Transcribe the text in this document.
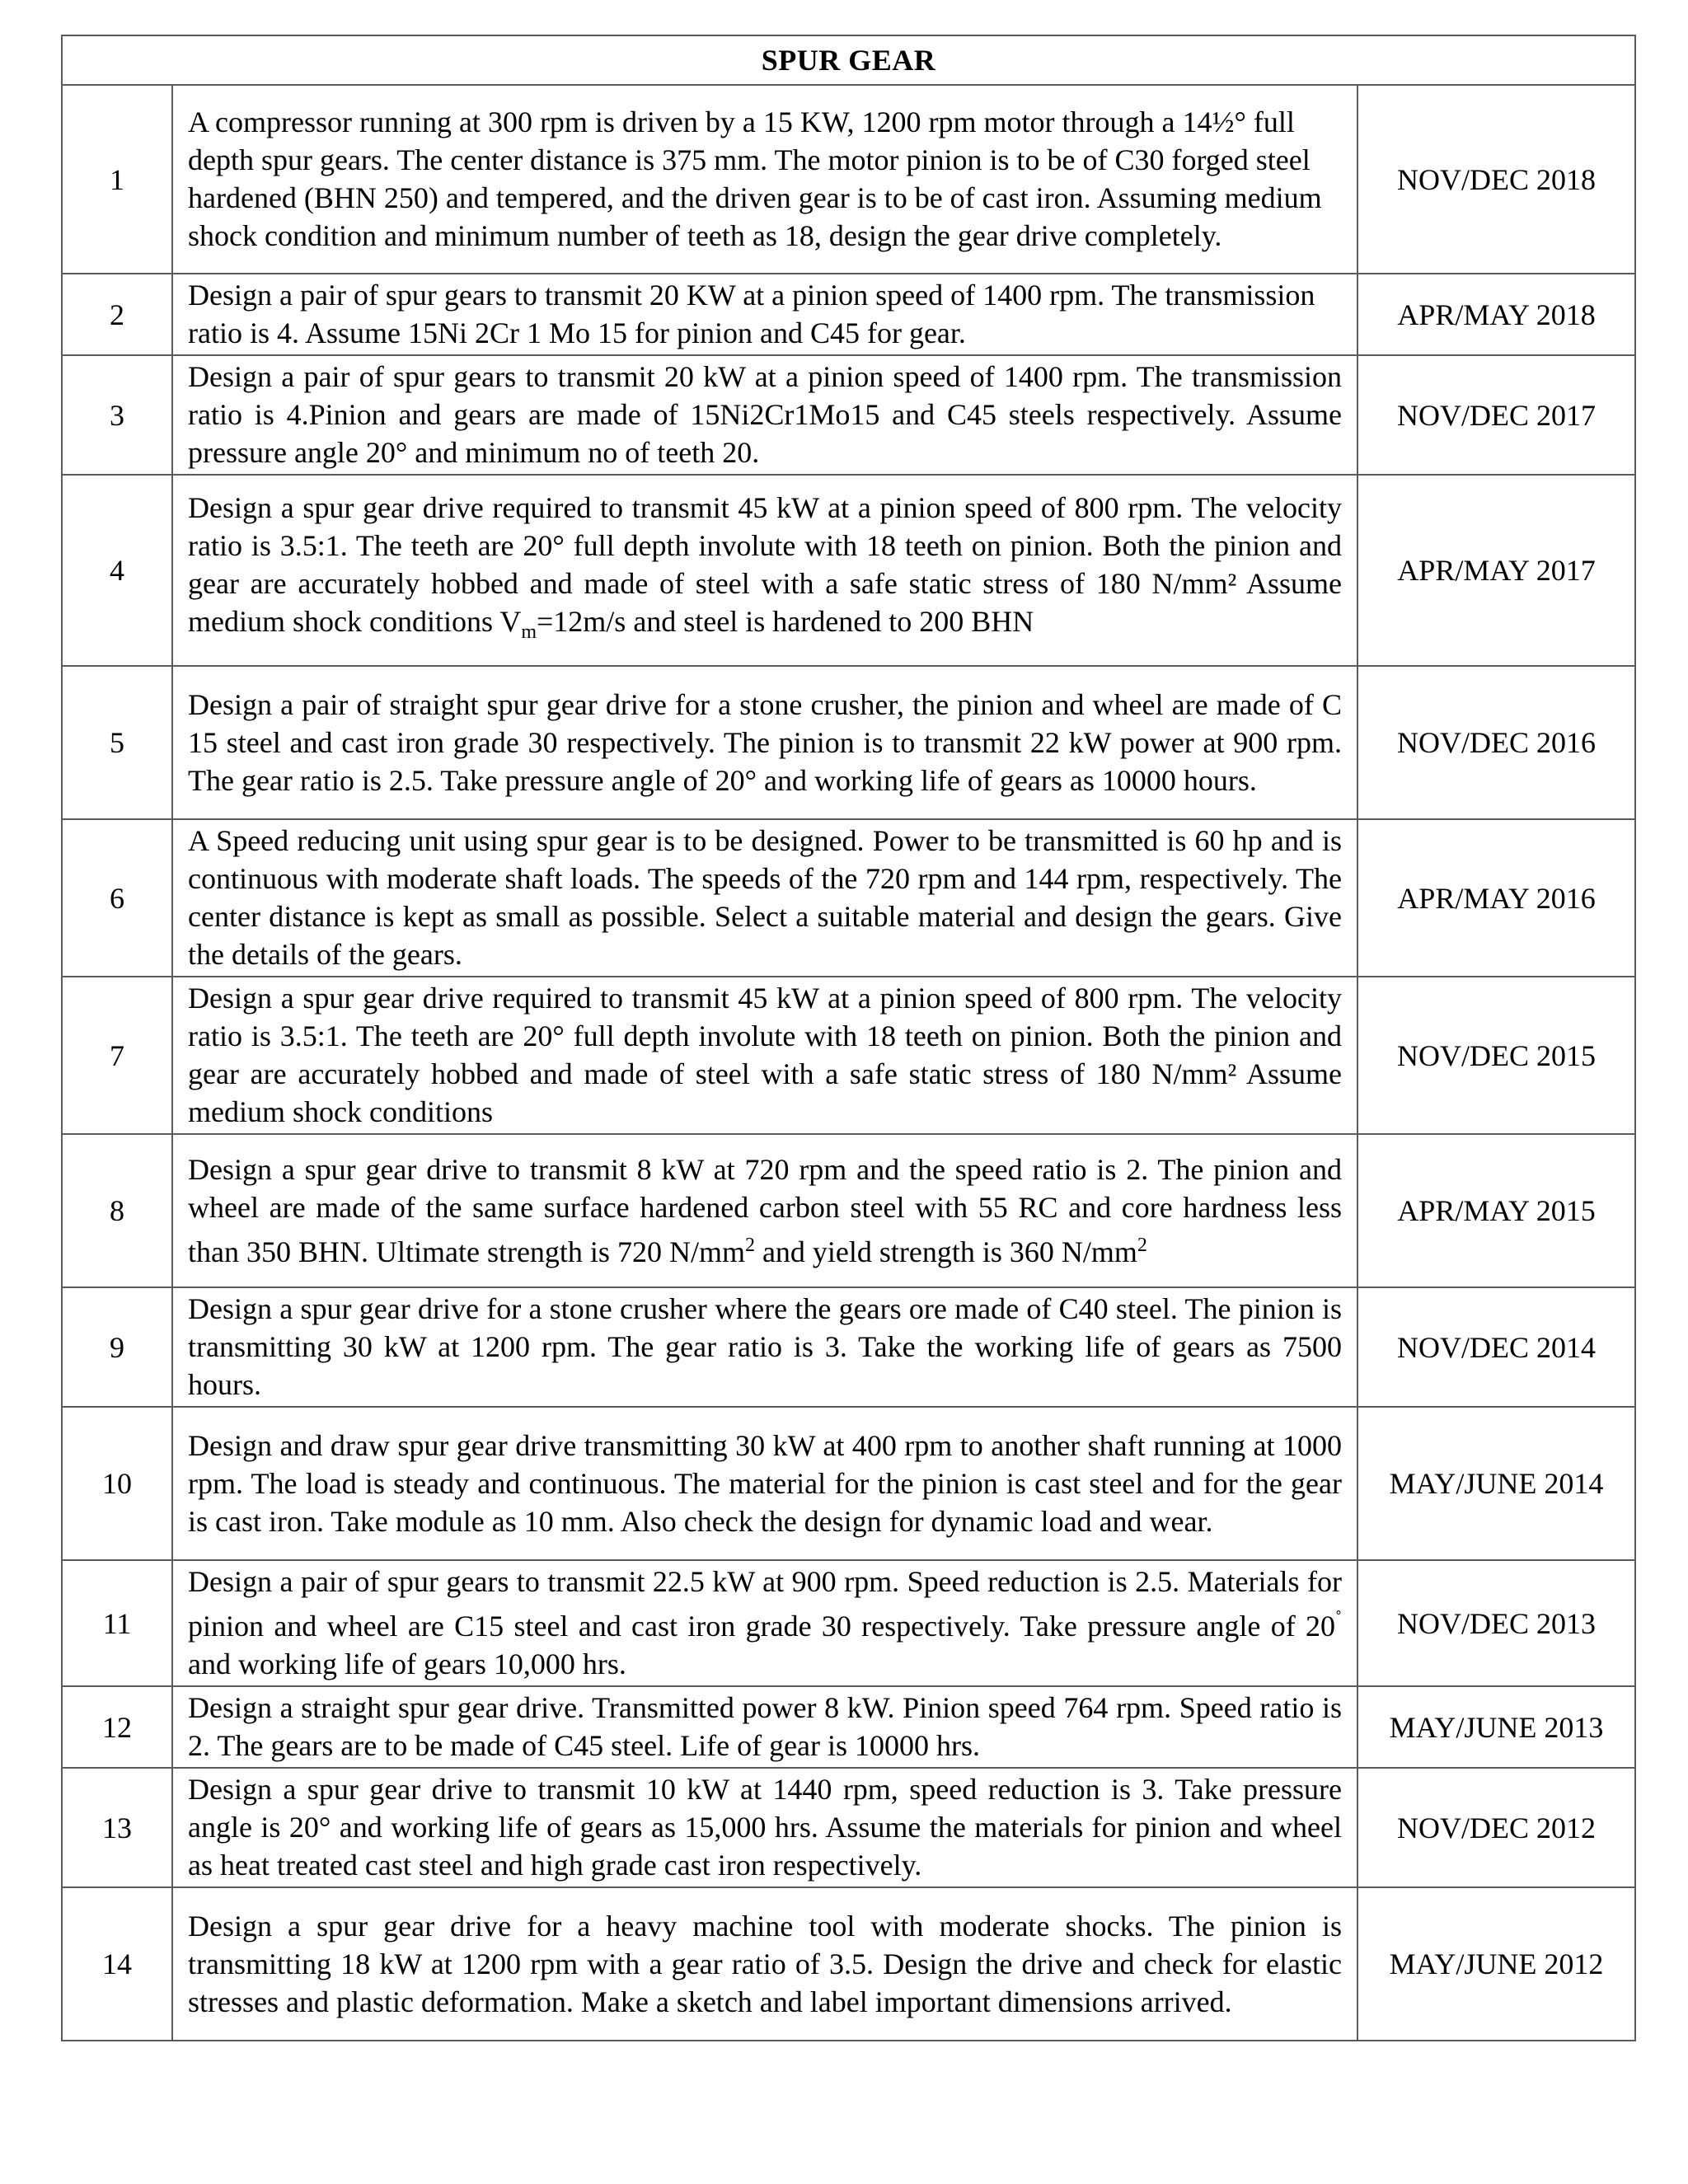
SPUR GEAR		
1	A compressor running at 300 rpm is driven by a 15 KW, 1200 rpm motor through a 14½° full depth spur gears. The center distance is 375 mm. The motor pinion is to be of C30 forged steel hardened (BHN 250) and tempered, and the driven gear is to be of cast iron. Assuming medium shock condition and minimum number of teeth as 18, design the gear drive completely.	NOV/DEC 2018
2	Design a pair of spur gears to transmit 20 KW at a pinion speed of 1400 rpm. The transmission ratio is 4. Assume 15Ni 2Cr 1 Mo 15 for pinion and C45 for gear.	APR/MAY 2018
3	Design a pair of spur gears to transmit 20 kW at a pinion speed of 1400 rpm. The transmission ratio is 4.Pinion and gears are made of 15Ni2Cr1Mo15 and C45 steels respectively. Assume pressure angle 20° and minimum no of teeth 20.	NOV/DEC 2017
4	Design a spur gear drive required to transmit 45 kW at a pinion speed of 800 rpm. The velocity ratio is 3.5:1. The teeth are 20° full depth involute with 18 teeth on pinion. Both the pinion and gear are accurately hobbed and made of steel with a safe static stress of 180 N/mm² Assume medium shock conditions $V_m=12m/s$ and steel is hardened to 200 BHN	APR/MAY 2017
5	Design a pair of straight spur gear drive for a stone crusher, the pinion and wheel are made of C 15 steel and cast iron grade 30 respectively. The pinion is to transmit 22 kW power at 900 rpm. The gear ratio is 2.5. Take pressure angle of 20° and working life of gears as 10000 hours.	NOV/DEC 2016
6	A Speed reducing unit using spur gear is to be designed. Power to be transmitted is 60 hp and is continuous with moderate shaft loads. The speeds of the 720 rpm and 144 rpm, respectively. The center distance is kept as small as possible. Select a suitable material and design the gears. Give the details of the gears.	APR/MAY 2016
7	Design a spur gear drive required to transmit 45 kW at a pinion speed of 800 rpm. The velocity ratio is 3.5:1. The teeth are 20° full depth involute with 18 teeth on pinion. Both the pinion and gear are accurately hobbed and made of steel with a safe static stress of 180 N/mm² Assume medium shock conditions	NOV/DEC 2015
8	Design a spur gear drive to transmit 8 kW at 720 rpm and the speed ratio is 2. The pinion and wheel are made of the same surface hardened carbon steel with 55 RC and core hardness less than 350 BHN. Ultimate strength is 720 $N/mm^2$ and yield strength is 360 $N/mm^2$	APR/MAY 2015
9	Design a spur gear drive for a stone crusher where the gears ore made of C40 steel. The pinion is transmitting 30 kW at 1200 rpm. The gear ratio is 3. Take the working life of gears as 7500 hours.	NOV/DEC 2014
10	Design and draw spur gear drive transmitting 30 kW at 400 rpm to another shaft running at 1000 rpm. The load is steady and continuous. The material for the pinion is cast steel and for the gear is cast iron. Take module as 10 mm. Also check the design for dynamic load and wear.	MAY/JUNE 2014
11	Design a pair of spur gears to transmit 22.5 kW at 900 rpm. Speed reduction is 2.5. Materials for pinion and wheel are C15 steel and cast iron grade 30 respectively. Take pressure angle of 20˚ and working life of gears 10,000 hrs.	NOV/DEC 2013
12	Design a straight spur gear drive. Transmitted power 8 kW. Pinion speed 764 rpm. Speed ratio is 2. The gears are to be made of C45 steel. Life of gear is 10000 hrs.	MAY/JUNE 2013
13	Design a spur gear drive to transmit 10 kW at 1440 rpm, speed reduction is 3. Take pressure angle is 20° and working life of gears as 15,000 hrs. Assume the materials for pinion and wheel as heat treated cast steel and high grade cast iron respectively.	NOV/DEC 2012
14	Design a spur gear drive for a heavy machine tool with moderate shocks. The pinion is transmitting 18 kW at 1200 rpm with a gear ratio of 3.5. Design the drive and check for elastic stresses and plastic deformation. Make a sketch and label important dimensions arrived.	MAY/JUNE 2012
